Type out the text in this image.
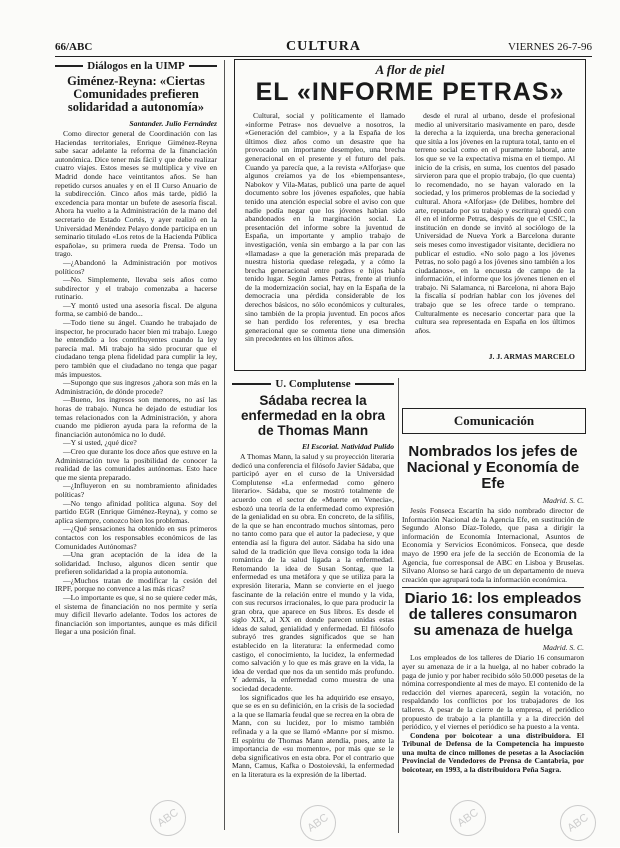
66/ABC	CULTURA	VIERNES 26-7-96
Diálogos en la UIMP
Giménez-Reyna: «Ciertas Comunidades prefieren solidaridad a autonomía»
Santander. Julio Fernández

Como director general de Coordinación con las Haciendas territoriales, Enrique Giménez-Reyna sabe sacar adelante la reforma de la financiación autonómica. Dice tener más fácil y que debe realizar cuatro viajes. Estos meses se multiplica y vive en Madrid donde hace veintitantos años. Se han repetido cursos anuales y en el II Curso Anuario de la subdirección. Cinco años más tarde, pidió la excedencia para montar un bufete de asesoría fiscal. Ahora ha vuelto a la Administración de la mano del secretario de Estado Cortés, y ayer realizó en la Universidad Menéndez Pelayo donde participa en un seminario titulado «Los retos de la Hacienda Pública española», su primera rueda de Prensa. Todo un trago.

—¿Abandonó la Administración por motivos políticos?

—No. Simplemente, llevaba seis años como subdirector y el trabajo comenzaba a hacerse rutinario.

—Y montó usted una asesoría fiscal. De alguna forma, se cambió de bando...

—Todo tiene su ángel. Cuando he trabajado de inspector, he procurado hacer bien mi trabajo. Luego he entendido a los contribuyentes cuando la ley parecía mal. Mi trabajo ha sido procurar que el ciudadano tenga plena fidelidad para cumplir la ley, pero también que el ciudadano no tenga que pagar más impuestos.

—Supongo que sus ingresos ¿ahora son más en la Administración, de dónde procede?

—Bueno, los ingresos son menores, no así las horas de trabajo. Nunca he dejado de estudiar los temas relacionados con la Administración, y ahora cuando me pidieron ayuda para la reforma de la financiación autonómica no lo dudé.

—Y si usted, ¿qué dice?

—Creo que durante los doce años que estuve en la Administración tuve la posibilidad de conocer la realidad de las comunidades autónomas. Esto hace que me sienta preparado.

—¿Influyeron en su nombramiento afinidades políticas?

—No tengo afinidad política alguna. Soy del partido EGR (Enrique Giménez-Reyna), y como se aplica siempre, conozco bien los problemas.

—¿Qué sensaciones ha obtenido en sus primeros contactos con los responsables económicos de las Comunidades Autónomas?

—Una gran aceptación de la idea de la solidaridad. Incluso, algunos dicen sentir que prefieren solidaridad a la propia autonomía.

—¿Muchos tratan de modificar la cesión del IRPF, porque no convence a las más ricas?

—Lo importante es que, si no se quiere ceder más, el sistema de financiación no nos permite y sería muy difícil llevarlo adelante. Todos los actores de financiación son importantes, aunque es más difícil llegar a una posición final.

A flor de piel
EL «INFORME PETRAS»

Cultural, social y políticamente el llamado «informe Petras» nos devuelve a nosotros, la «Generación del cambio», y a la España de los últimos diez años como un desastre que ha provocado un importante desempleo, una brecha generacional en el presente y el futuro del país. Cuando ya parecía que, a la revista «Alforjas» que algunos creíamos ya de los «biempensantes», Nabokov y Vila-Matas, publicó una parte de aquel documento sobre los jóvenes españoles, que había tenido una atención especial sobre el aviso con que nadie podía negar que los jóvenes habían sido abandonados en la marginación social. La presentación del informe sobre la juventud de España, un importante y amplio trabajo de investigación, venía sin embargo a la par con las «llamadas» a que la generación más preparada de nuestra historia quedase relegada, y a cómo la brecha generacional entre padres e hijos había tenido lugar. Según James Petras, frente al triunfo de la modernización social, hay en la España de la democracia una pérdida considerable de los derechos básicos, no sólo económicos y culturales, sino también de la propia juventud. En pocos años se han perdido los referentes, y esa brecha generacional que se comenta tiene una dimensión sin precedentes en los últimos años.

desde el rural al urbano, desde el profesional medio al universitario masivamente en paro, desde la derecha a la izquierda, una brecha generacional que sitúa a los jóvenes en la ruptura total, tanto en el terreno social como en el puramente laboral, ante los que se ve la expectativa misma en el tiempo. Al inicio de la crisis, en suma, los cuentos del pasado sirvieron para que el propio trabajo, (lo que cuenta) lo recomendado, no se hayan valorado en la sociedad, y los primeros problemas de la sociedad y cultural. Ahora «Alforjas» (de Delibes, hombre del arte, reputado por su trabajo y escritura) quedó con él en el informe Petras, después de que el CSIC, la institución en donde se invitó al sociólogo de la Universidad de Nueva York a Barcelona durante seis meses como investigador visitante, decidiera no publicar el estudio. «No solo pago a los jóvenes Petras, no solo pagó a los jóvenes sino también a los ciudadanos», en la encuesta de campo de la información, el informe que los jóvenes tienen en el trabajo. Ni Salamanca, ni Barcelona, ni ahora Bajo la fiscalía sí podrían hablar con los jóvenes del trabajo que se les ofrece tarde o temprano. Culturalmente es necesario concertar para que la cultura sea representada en España en los últimos años.

J. J. ARMAS MARCELO
U. Complutense
Sádaba recrea la enfermedad en la obra de Thomas Mann
El Escorial. Natividad Pulido

A Thomas Mann, la salud y su proyección literaria dedicó una conferencia el filósofo Javier Sádaba, que participó ayer en el curso de la Universidad Complutense «La enfermedad como género literario». Sádaba, que se mostró totalmente de acuerdo con el sector de «Muerte en Venecia», esbozó una teoría de la enfermedad como expresión de la genialidad en su obra. En concreto, de la sífilis, de la que se han encontrado muchos síntomas, pero no tanto como para que el autor la padeciese, y que entendía así la figura del autor. Sádaba ha sido una salud de la tradición que lleva consigo toda la idea romántica de la salud ligada a la enfermedad. Retomando la idea de Susan Sontag, que la enfermedad es una metáfora y que se utiliza para la expresión literaria, Mann se convierte en el juego fascinante de la relación entre el mundo y la vida, con sus recursos irracionales, lo que para producir la gran obra, que aparece en Sus libros. Es desde el siglo XIX, al XX en donde parecen unidas estas ideas de salud, genialidad y enfermedad. El filósofo subrayó tres grandes significados que se han establecido en la literatura: la enfermedad como castigo, el conocimiento, la lucidez, la enfermedad como salvación y lo que es más grave en la vida, la idea de verdad que nos da un sentido más profundo. Y además, la enfermedad como muestra de una sociedad decadente.

los significados que les ha adquirido ese ensayo, que se es en su definición, en la crisis de la sociedad a la que se llamaría feudal que se recrea en la obra de Mann, con su lucidez, por lo mismo también refinada y a la que se llamó «Mann» por sí mismo. El espíritu de Thomas Mann atendía, pues, ante la importancia de «su momento», por más que se le deba significativos en esta obra. Por el contrario que Mann, Camus, Kafka o Dostoievski, la enfermedad en la literatura es la expresión de la libertad.

Comunicación
Nombrados los jefes de Nacional y Economía de Efe
Madrid. S. C.

Jesús Fonseca Escartín ha sido nombrado director de Información Nacional de la Agencia Efe, en sustitución de Segundo Alonso Díaz-Toledo, que pasa a dirigir la información de Economía Internacional, Asuntos de Economía y Servicios Económicos. Fonseca, que desde mayo de 1990 era jefe de la sección de Economía de la Agencia, fue corresponsal de ABC en Lisboa y Bruselas. Silvano Alonso se hará cargo de un departamento de nueva creación que agrupará toda la información económica.

Diario 16: los empleados de talleres consumaron su amenaza de huelga
Madrid. S. C.

Los empleados de los talleres de Diario 16 consumaron ayer su amenaza de ir a la huelga, al no haber cobrado la paga de junio y por haber recibido sólo 50.000 pesetas de la nómina correspondiente al mes de mayo. El contenido de la redacción del viernes aparecerá, según la votación, no respaldando los conflictos por los trabajadores de los talleres. A pesar de la cierre de la empresa, el periódico propuesto de trabajo a la plantilla y a la dirección del periódico, y el viernes el periódico se ha puesto a la venta.

Condena por boicotear a una distribuidora. El Tribunal de Defensa de la Competencia ha impuesto una multa de cinco millones de pesetas a la Asociación Provincial de Vendedores de Prensa de Cantabria, por boicotear, en 1993, a la distribuidora Peña Sagra.

ABC	ABC	ABC	ABC
